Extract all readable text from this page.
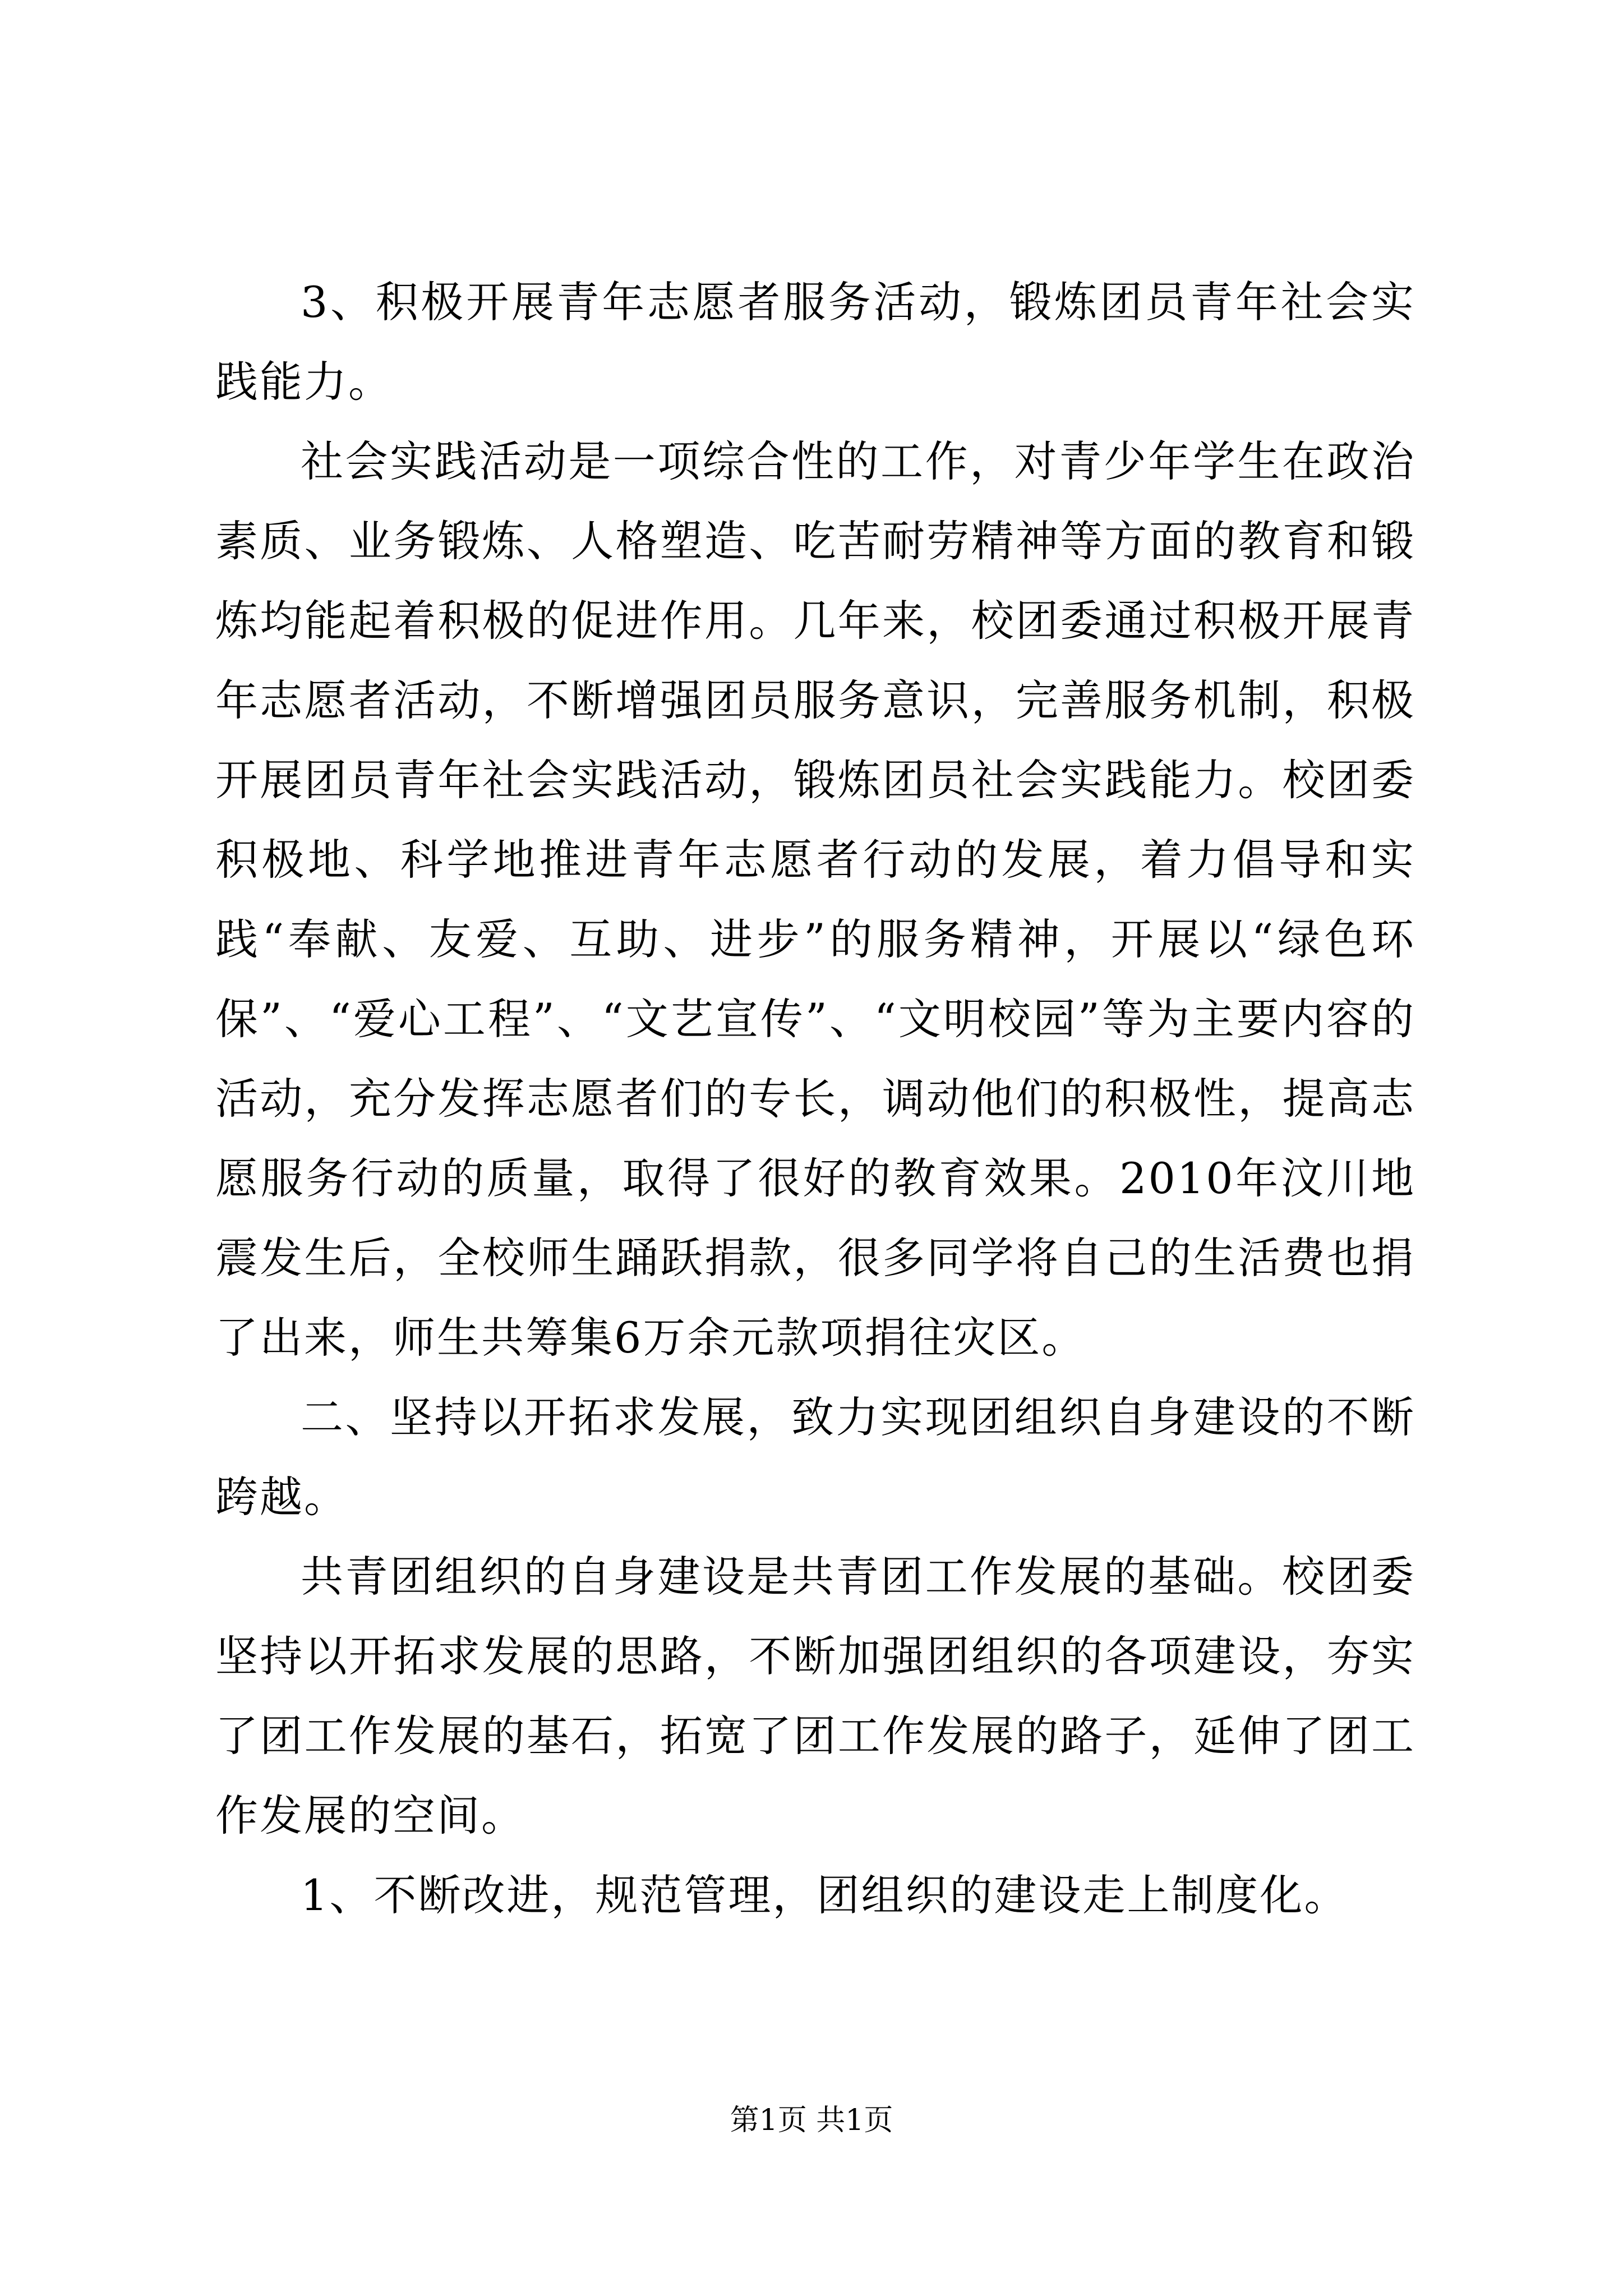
3、积极开展青年志愿者服务活动，锻炼团员青年社会实践能力。

社会实践活动是一项综合性的工作，对青少年学生在政治素质、业务锻炼、人格塑造、吃苦耐劳精神等方面的教育和锻炼均能起着积极的促进作用。几年来，校团委通过积极开展青年志愿者活动，不断增强团员服务意识，完善服务机制，积极开展团员青年社会实践活动，锻炼团员社会实践能力。校团委积极地、科学地推进青年志愿者行动的发展，着力倡导和实践“奉献、友爱、互助、进步”的服务精神，开展以“绿色环保”、“爱心工程”、“文艺宣传”、“文明校园”等为主要内容的活动，充分发挥志愿者们的专长，调动他们的积极性，提高志愿服务行动的质量，取得了很好的教育效果。2010年汶川地震发生后，全校师生踊跃捐款，很多同学将自己的生活费也捐了出来，师生共筹集6万余元款项捐往灾区。

二、坚持以开拓求发展，致力实现团组织自身建设的不断跨越。

共青团组织的自身建设是共青团工作发展的基础。校团委坚持以开拓求发展的思路，不断加强团组织的各项建设，夯实了团工作发展的基石，拓宽了团工作发展的路子，延伸了团工作发展的空间。

1、不断改进，规范管理，团组织的建设走上制度化。

第1页 共1页
